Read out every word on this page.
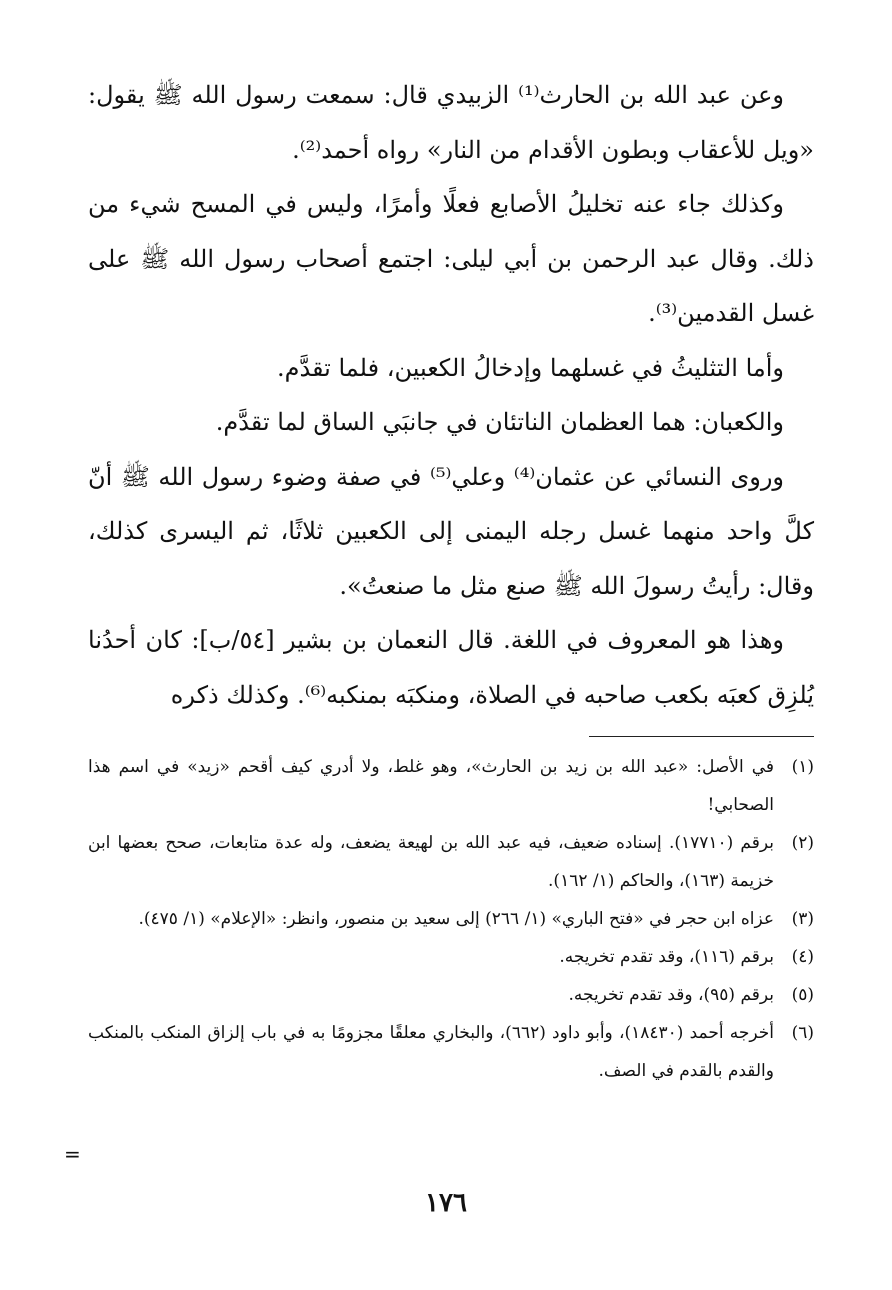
وعن عبد الله بن الحارث⁽¹⁾ الزبيدي قال: سمعت رسول الله ﷺ يقول: «ويل للأعقاب وبطون الأقدام من النار» رواه أحمد⁽²⁾.

وكذلك جاء عنه تخليلُ الأصابع فعلًا وأمرًا، وليس في المسح شيء من ذلك. وقال عبد الرحمن بن أبي ليلى: اجتمع أصحاب رسول الله ﷺ على غسل القدمين⁽³⁾.

وأما التثليثُ في غسلهما وإدخالُ الكعبين، فلما تقدَّم.

والكعبان: هما العظمان الناتئان في جانبَي الساق لما تقدَّم.

وروى النسائي عن عثمان⁽⁴⁾ وعلي⁽⁵⁾ في صفة وضوء رسول الله ﷺ أنّ كلَّ واحد منهما غسل رجله اليمنى إلى الكعبين ثلاثًا، ثم اليسرى كذلك، وقال: رأيتُ رسولَ الله ﷺ صنع مثل ما صنعتُ».

وهذا هو المعروف في اللغة. قال النعمان بن بشير [٥٤/ب]: كان أحدُنا يُلزِق كعبَه بكعب صاحبه في الصلاة، ومنكبَه بمنكبه⁽⁶⁾. وكذلك ذكره

(١)
في الأصل: «عبد الله بن زيد بن الحارث»، وهو غلط، ولا أدري كيف أقحم «زيد» في اسم هذا الصحابي!
(٢)
برقم (١٧٧١٠). إسناده ضعيف، فيه عبد الله بن لهيعة يضعف، وله عدة متابعات، صحح بعضها ابن خزيمة (١٦٣)، والحاكم (١/ ١٦٢).
(٣)
عزاه ابن حجر في «فتح الباري» (١/ ٢٦٦) إلى سعيد بن منصور، وانظر: «الإعلام» (١/ ٤٧٥).
(٤)
برقم (١١٦)، وقد تقدم تخريجه.
(٥)
برقم (٩٥)، وقد تقدم تخريجه.
(٦)
أخرجه أحمد (١٨٤٣٠)، وأبو داود (٦٦٢)، والبخاري معلقًا مجزومًا به في باب إلزاق المنكب بالمنكب والقدم بالقدم في الصف.
=
١٧٦
